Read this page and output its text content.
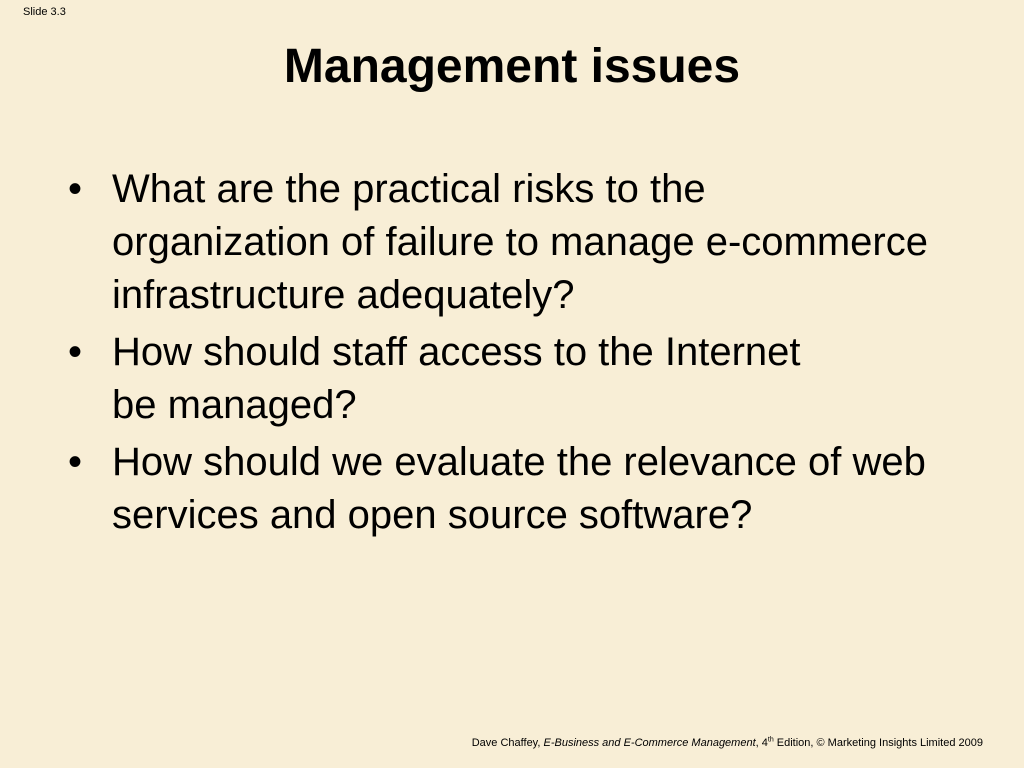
Slide 3.3
Management issues
• What are the practical risks to the
organization of failure to manage e-commerce
infrastructure adequately?
• How should staff access to the Internet
be managed?
• How should we evaluate the relevance of web
services and open source software?
Dave Chaffey, E-Business and E-Commerce Management, 4th Edition, © Marketing Insights Limited 2009
